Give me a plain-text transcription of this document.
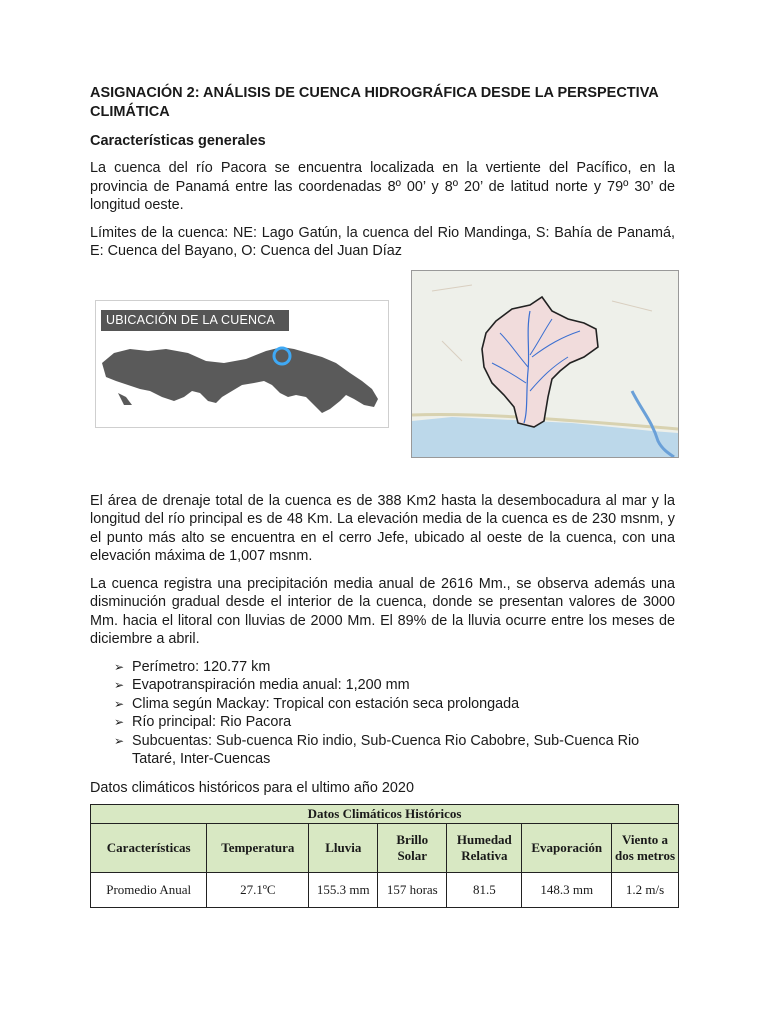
ASIGNACIÓN 2: ANÁLISIS DE CUENCA HIDROGRÁFICA DESDE LA PERSPECTIVA CLIMÁTICA
Características generales

La cuenca del río Pacora se encuentra localizada en la vertiente del Pacífico, en la provincia de Panamá entre las coordenadas 8º 00’ y 8º 20’ de latitud norte y 79º 30’ de longitud oeste.

Límites de la cuenca: NE: Lago Gatún, la cuenca del Rio Mandinga, S: Bahía de Panamá, E: Cuenca del Bayano, O: Cuenca del Juan Díaz

UBICACIÓN DE LA CUENCA

El área de drenaje total de la cuenca es de 388 Km2 hasta la desembocadura al mar y la longitud del río principal es de 48 Km. La elevación media de la cuenca es de 230 msnm, y el punto más alto se encuentra en el cerro Jefe, ubicado al oeste de la cuenca, con una elevación máxima de 1,007 msnm.

La cuenca registra una precipitación media anual de 2616 Mm., se observa además una disminución gradual desde el interior de la cuenca, donde se presentan valores de 3000 Mm. hacia el litoral con lluvias de 2000 Mm. El 89% de la lluvia ocurre entre los meses de diciembre a abril.

➢ Perímetro: 120.77 km
➢ Evapotranspiración media anual: 1,200 mm
➢ Clima según Mackay: Tropical con estación seca prolongada
➢ Río principal: Rio Pacora
➢ Subcuentas: Sub-cuenca Rio indio, Sub-Cuenca Rio Cabobre, Sub-Cuenca Rio Tataré, Inter-Cuencas
Datos climáticos históricos para el ultimo año 2020
Datos Climáticos Históricos						
Características	Temperatura	Lluvia	Brillo Solar	Humedad Relativa	Evaporación	Viento a dos metros
Promedio Anual	27.1ºC	155.3 mm	157 horas	81.5	148.3 mm	1.2 m/s
